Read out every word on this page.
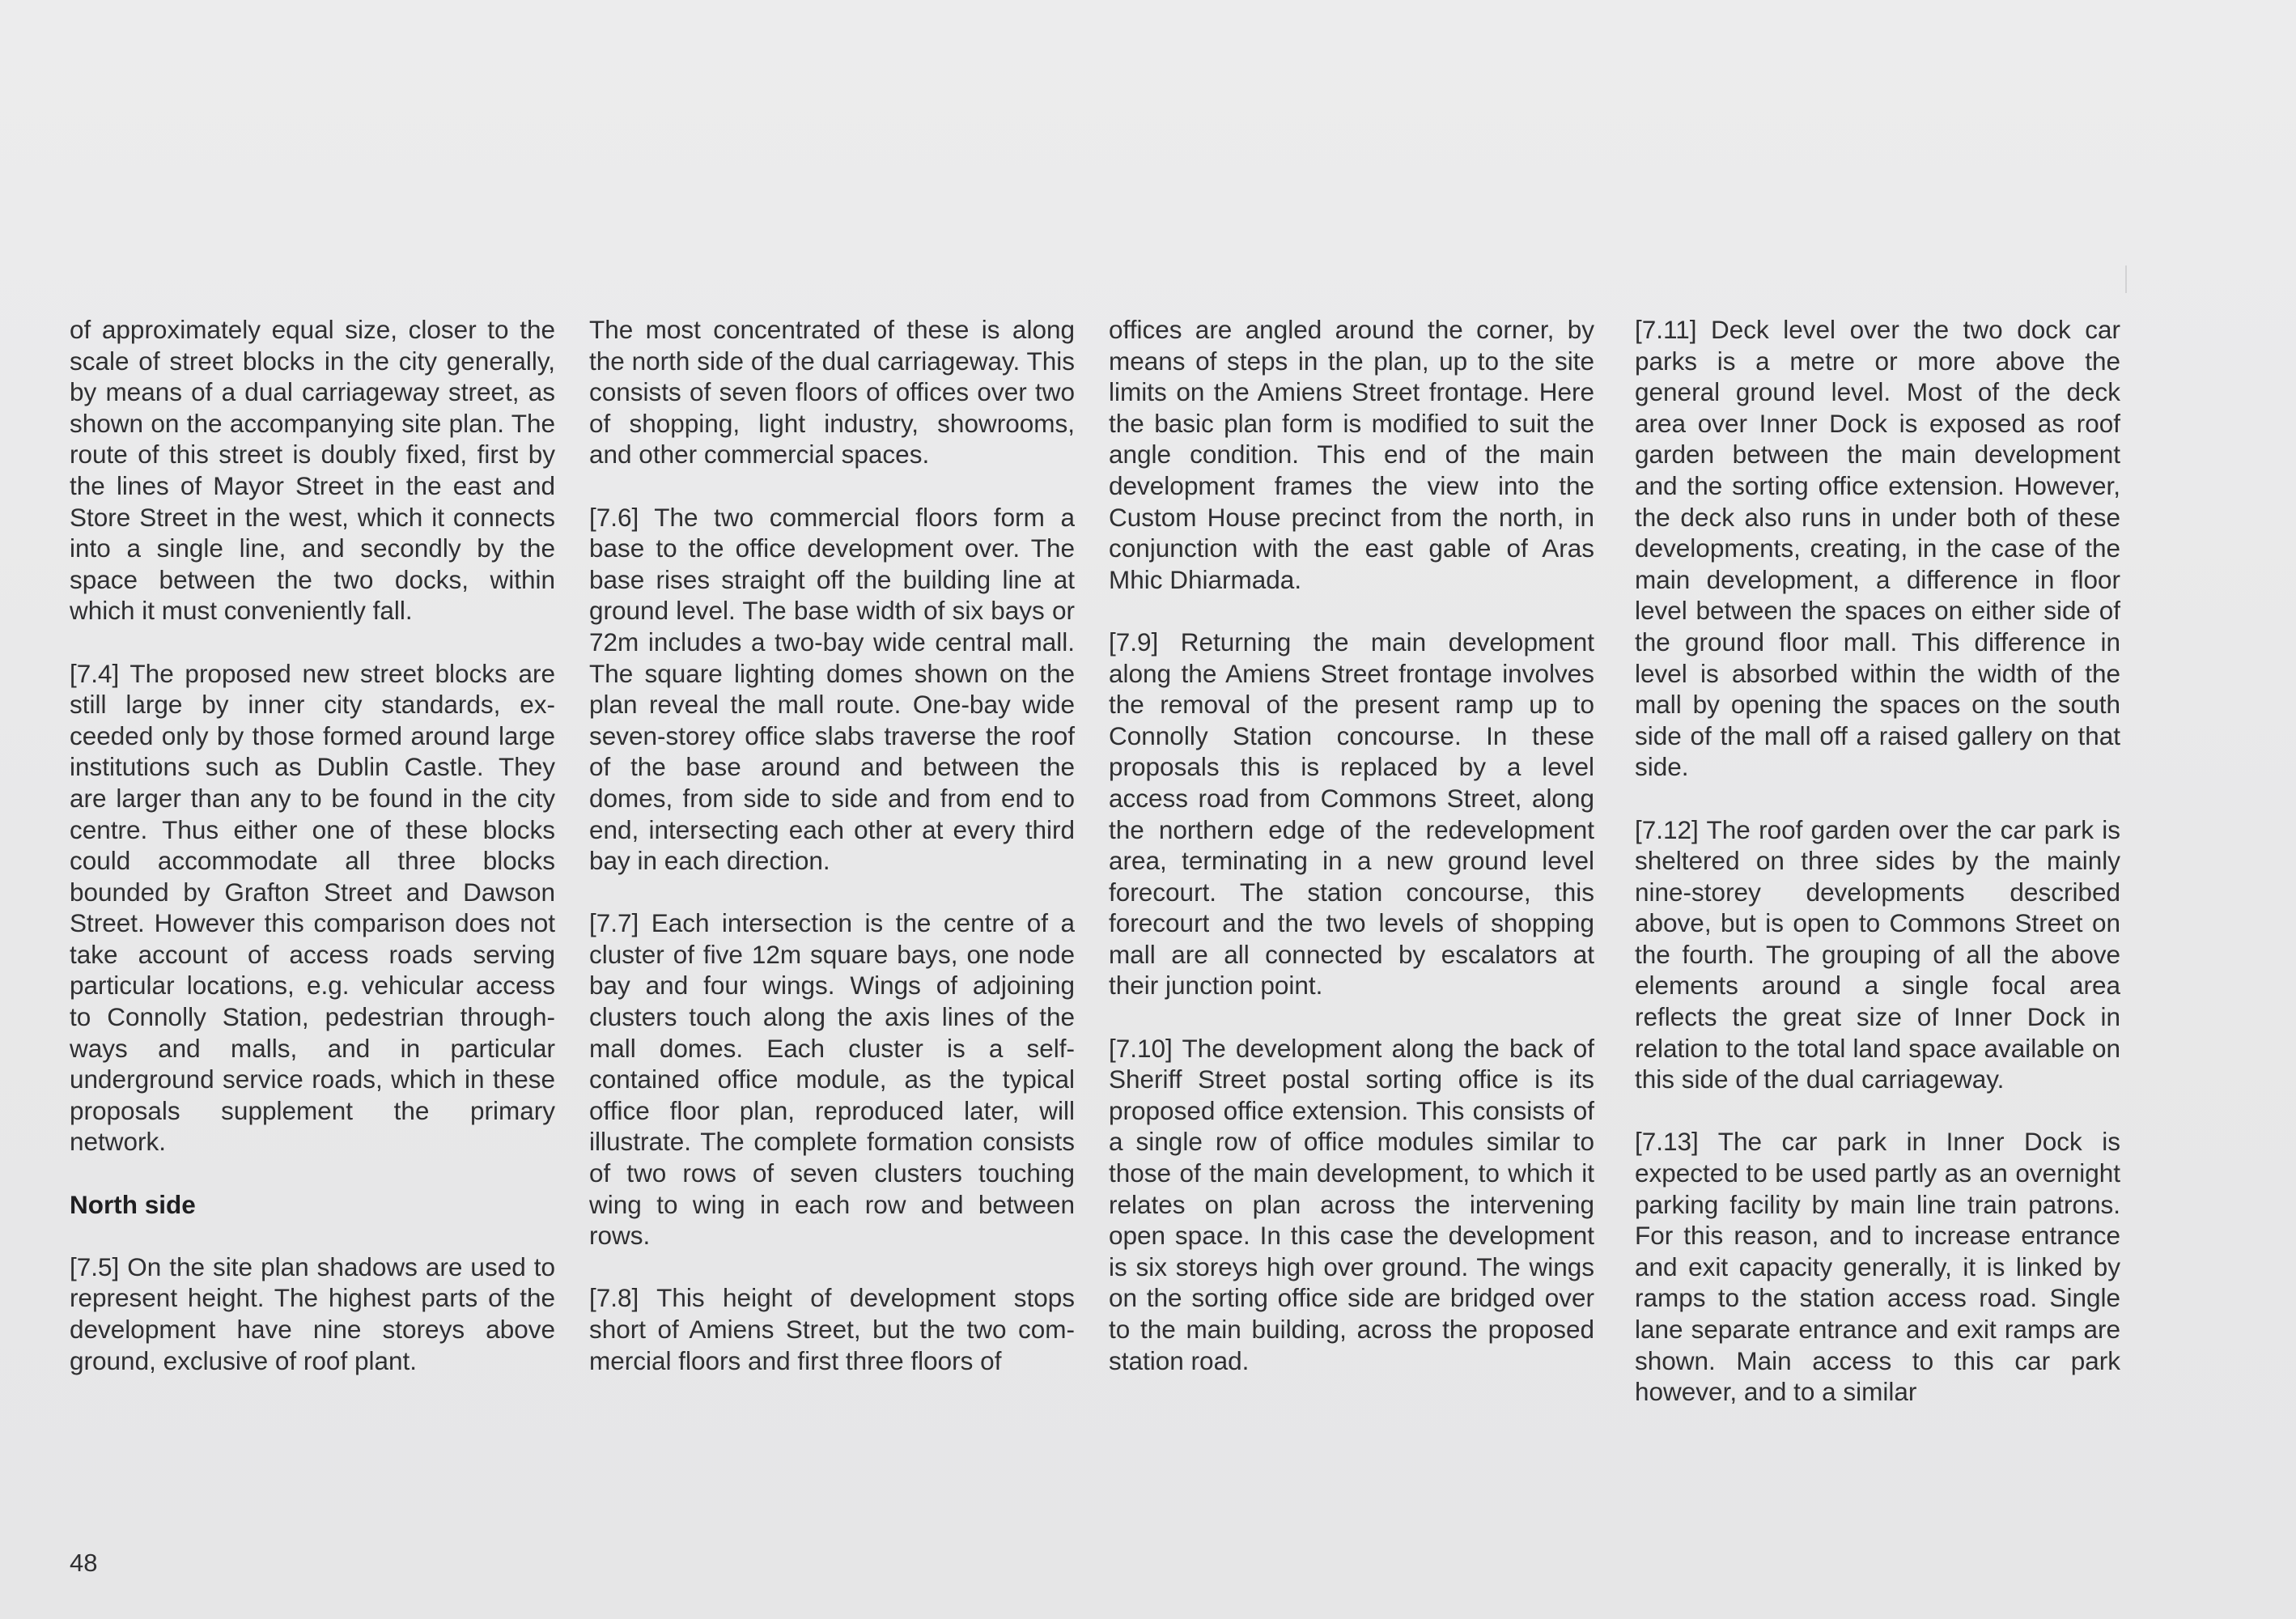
of approximately equal size, closer to the scale of street blocks in the city generally, by means of a dual carriageway street, as shown on the accompanying site plan. The route of this street is doubly fixed, first by the lines of Mayor Street in the east and Store Street in the west, which it connects into a single line, and secondly by the space between the two docks, within which it must conveniently fall.

[7.4] The proposed new street blocks are still large by inner city standards, exceeded only by those formed around large institutions such as Dublin Castle. They are larger than any to be found in the city centre. Thus either one of these blocks could accommodate all three blocks bounded by Grafton Street and Dawson Street. However this comparison does not take account of access roads serving particular locations, e.g. vehicular access to Connolly Station, pedestrian through-ways and malls, and in particular underground service roads, which in these proposals supplement the primary network.

North side

[7.5] On the site plan shadows are used to represent height. The highest parts of the development have nine storeys above ground, exclusive of roof plant.

The most concentrated of these is along the north side of the dual carriageway. This consists of seven floors of offices over two of shopping, light industry, showrooms, and other commercial spaces.

[7.6] The two commercial floors form a base to the office development over. The base rises straight off the building line at ground level. The base width of six bays or 72m includes a two-bay wide central mall. The square lighting domes shown on the plan reveal the mall route. One-bay wide seven-storey office slabs traverse the roof of the base around and between the domes, from side to side and from end to end, intersecting each other at every third bay in each direction.

[7.7] Each intersection is the centre of a cluster of five 12m square bays, one node bay and four wings. Wings of adjoining clusters touch along the axis lines of the mall domes. Each cluster is a self-contained office module, as the typical office floor plan, reproduced later, will illustrate. The complete formation consists of two rows of seven clusters touching wing to wing in each row and between rows.

[7.8] This height of development stops short of Amiens Street, but the two commercial floors and first three floors of

offices are angled around the corner, by means of steps in the plan, up to the site limits on the Amiens Street frontage. Here the basic plan form is modified to suit the angle condition. This end of the main development frames the view into the Custom House precinct from the north, in conjunction with the east gable of Aras Mhic Dhiarmada.

[7.9] Returning the main development along the Amiens Street frontage involves the removal of the present ramp up to Connolly Station concourse. In these proposals this is replaced by a level access road from Commons Street, along the northern edge of the redevelopment area, terminating in a new ground level forecourt. The station concourse, this forecourt and the two levels of shopping mall are all connected by escalators at their junction point.

[7.10] The development along the back of Sheriff Street postal sorting office is its proposed office extension. This consists of a single row of office modules similar to those of the main development, to which it relates on plan across the intervening open space. In this case the development is six storeys high over ground. The wings on the sorting office side are bridged over to the main building, across the proposed station road.

[7.11] Deck level over the two dock car parks is a metre or more above the general ground level. Most of the deck area over Inner Dock is exposed as roof garden between the main development and the sorting office extension. However, the deck also runs in under both of these developments, creating, in the case of the main development, a difference in floor level between the spaces on either side of the ground floor mall. This difference in level is absorbed within the width of the mall by opening the spaces on the south side of the mall off a raised gallery on that side.

[7.12] The roof garden over the car park is sheltered on three sides by the mainly nine-storey developments described above, but is open to Commons Street on the fourth. The grouping of all the above elements around a single focal area reflects the great size of Inner Dock in relation to the total land space available on this side of the dual carriageway.

[7.13] The car park in Inner Dock is expected to be used partly as an overnight parking facility by main line train patrons. For this reason, and to increase entrance and exit capacity generally, it is linked by ramps to the station access road. Single lane separate entrance and exit ramps are shown. Main access to this car park however, and to a similar

48
